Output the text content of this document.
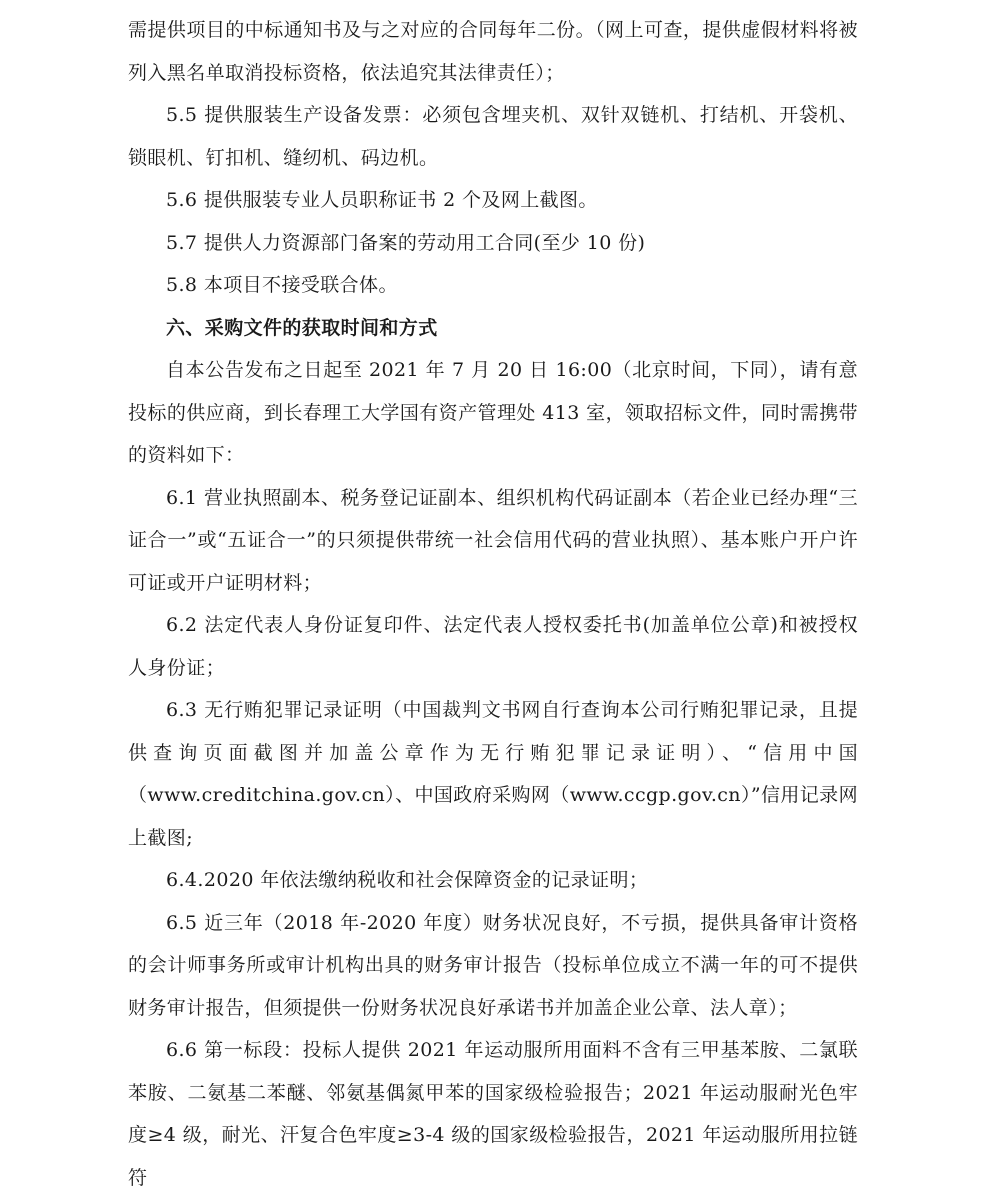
需提供项目的中标通知书及与之对应的合同每年二份。（网上可查，提供虚假材料将被列入黑名单取消投标资格，依法追究其法律责任）；

5.5 提供服装生产设备发票：必须包含埋夹机、双针双链机、打结机、开袋机、锁眼机、钉扣机、缝纫机、码边机。

5.6 提供服装专业人员职称证书 2 个及网上截图。

5.7 提供人力资源部门备案的劳动用工合同(至少 10 份)

5.8 本项目不接受联合体。

六、采购文件的获取时间和方式

自本公告发布之日起至 2021 年 7 月 20 日 16:00（北京时间，下同），请有意投标的供应商，到长春理工大学国有资产管理处 413 室，领取招标文件，同时需携带的资料如下：

6.1 营业执照副本、税务登记证副本、组织机构代码证副本（若企业已经办理“三证合一”或“五证合一”的只须提供带统一社会信用代码的营业执照）、基本账户开户许可证或开户证明材料；

6.2 法定代表人身份证复印件、法定代表人授权委托书(加盖单位公章)和被授权人身份证；

6.3 无行贿犯罪记录证明（中国裁判文书网自行查询本公司行贿犯罪记录，且提供查询页面截图并加盖公章作为无行贿犯罪记录证明）、“信用中国（www.creditchina.gov.cn）、中国政府采购网（www.ccgp.gov.cn）”信用记录网上截图;

6.4.2020 年依法缴纳税收和社会保障资金的记录证明；

6.5 近三年（2018 年-2020 年度）财务状况良好，不亏损，提供具备审计资格的会计师事务所或审计机构出具的财务审计报告（投标单位成立不满一年的可不提供财务审计报告，但须提供一份财务状况良好承诺书并加盖企业公章、法人章）；

6.6 第一标段：投标人提供 2021 年运动服所用面料不含有三甲基苯胺、二氯联苯胺、二氨基二苯醚、邻氨基偶氮甲苯的国家级检验报告；2021 年运动服耐光色牢度≥4 级，耐光、汗复合色牢度≥3-4 级的国家级检验报告，2021 年运动服所用拉链符
